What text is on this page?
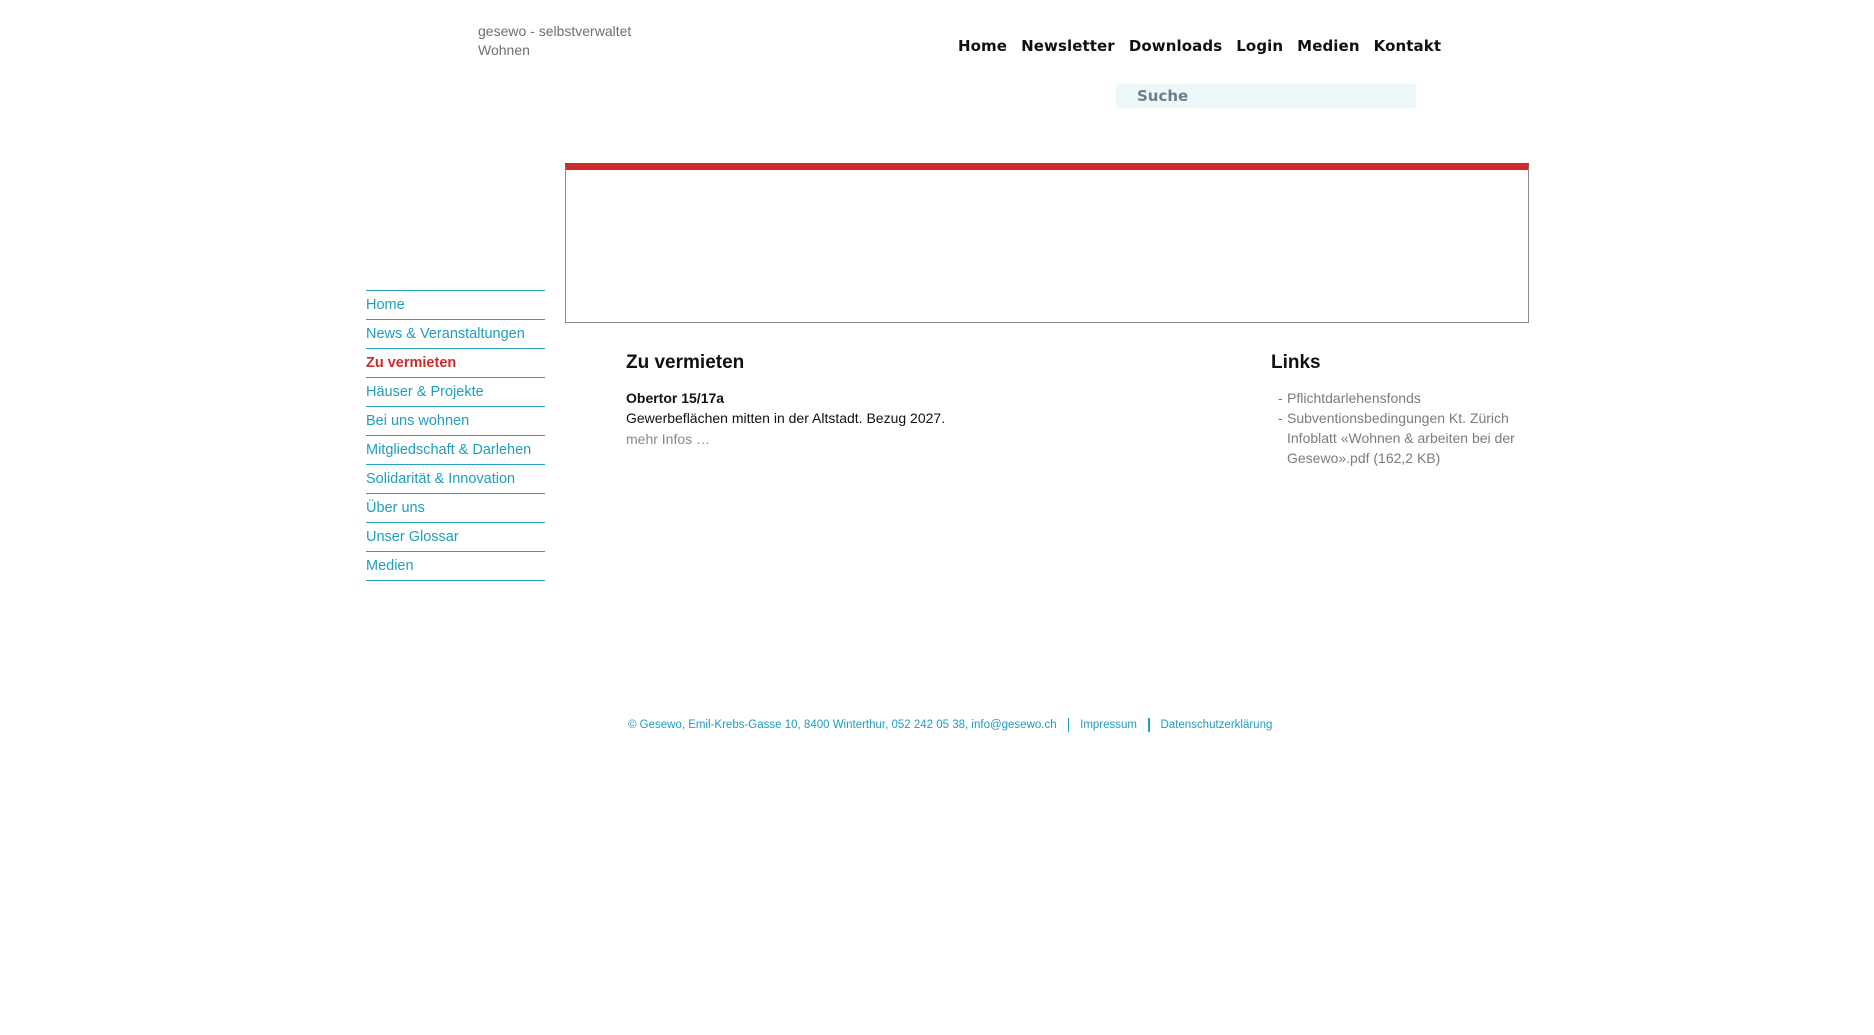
gesewo - selbstverwaltet Wohnen	Home Newsletter Downloads Login Medien Kontakt
Suche
Home
News & Veranstaltungen
Zu vermieten
Häuser & Projekte
Bei uns wohnen
Mitgliedschaft & Darlehen
Solidarität & Innovation
Über uns
Unser Glossar
Medien
Zu vermieten
Obertor 15/17a
Gewerbeflächen mitten in der Altstadt. Bezug 2027.
mehr Infos …
Links
- Pflichtdarlehensfonds
- Subventionsbedingungen Kt. Zürich Infoblatt «Wohnen & arbeiten bei der Gesewo».pdf (162,2 KB)
© Gesewo, Emil-Krebs-Gasse 10, 8400 Winterthur, 052 242 05 38, info@gesewo.ch Impressum Datenschutzerklärung
